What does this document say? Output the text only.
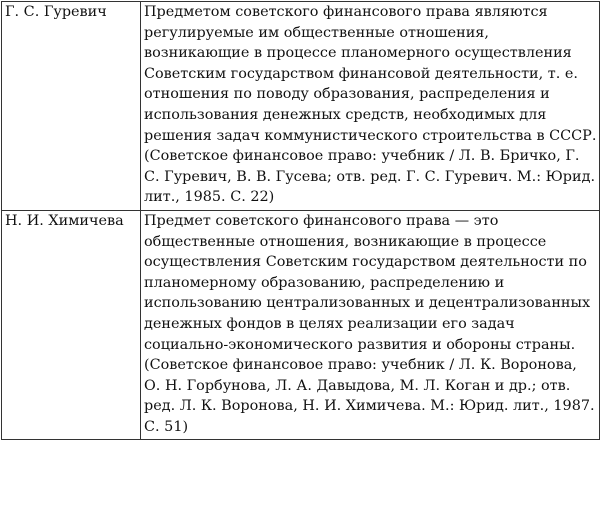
Г. С. Гуревич	Предметом советского финансового права являются регулируемые им общественные отношения, возникающие в процессе планомерного осуществления Советским государством финансовой деятельности, т. е. отношения по поводу образования, распределения и использования денежных средств, необходимых для решения задач коммунистического строительства в СССР.

(Советское финансовое право: учебник / Л. В. Бричко, Г. С. Гуревич, В. В. Гусева; отв. ред. Г. С. Гуревич. М.: Юрид. лит., 1985. С. 22)

Н. И. Химичева	Предмет советского финансового права — это общественные отношения, возникающие в процессе осуществления Советским государством деятельности по планомерному образованию, распределению и использованию централизованных и децентрализованных денежных фондов в целях реализации его задач социально-экономического развития и обороны страны.

(Советское финансовое право: учебник / Л. К. Воронова, О. Н. Горбунова, Л. А. Давыдова, М. Л. Коган и др.; отв. ред. Л. К. Воронова, Н. И. Химичева. М.: Юрид. лит., 1987. С. 51)
